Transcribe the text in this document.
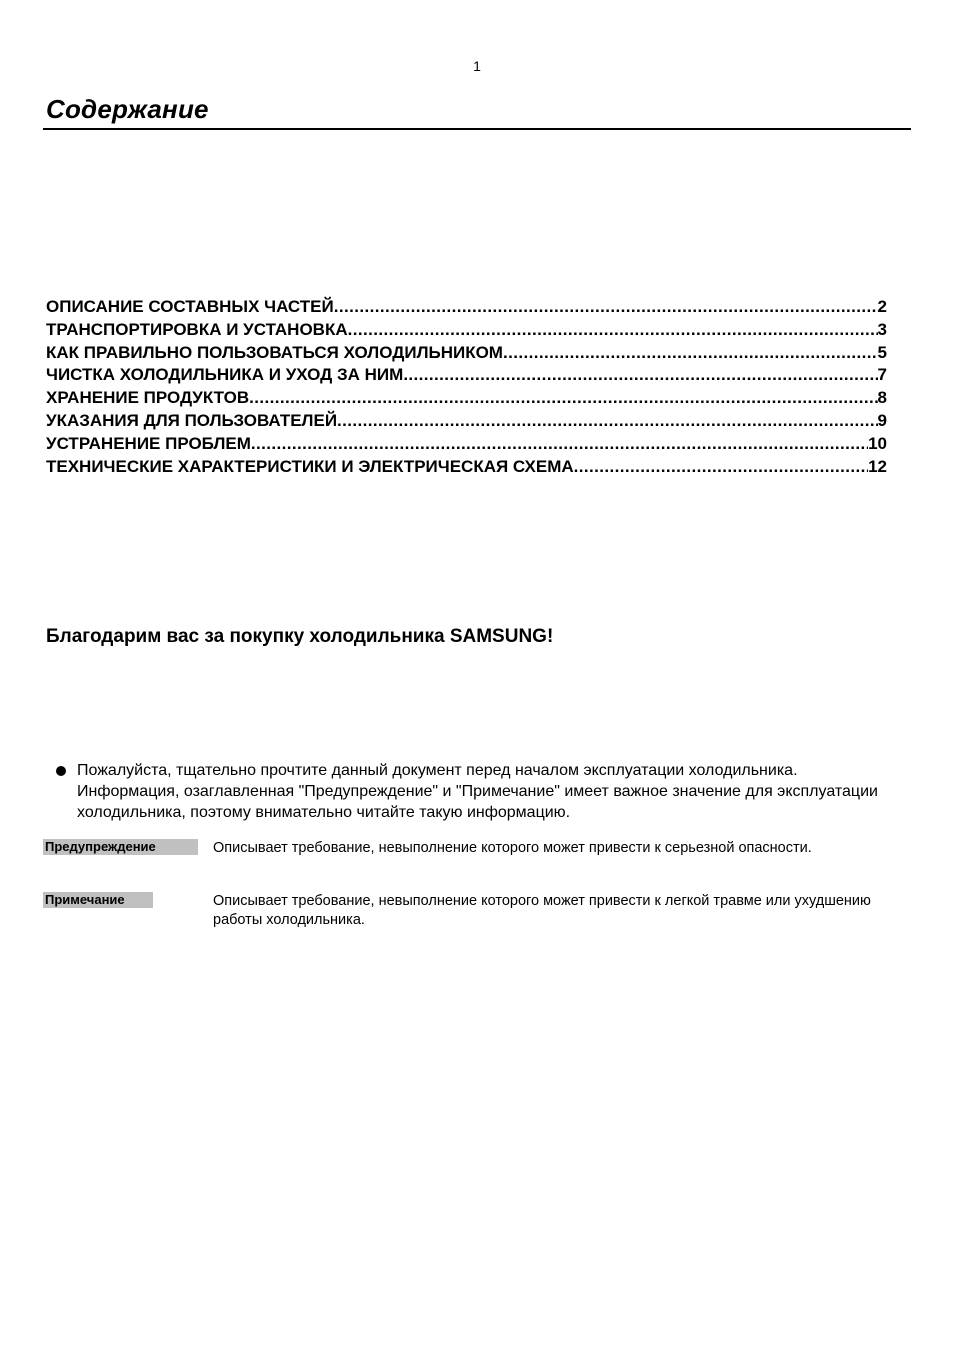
1
Содержание
ОПИСАНИЕ СОСТАВНЫХ ЧАСТЕЙ .....	2
ТРАНСПОРТИРОВКА И УСТАНОВКА .....	3
КАК ПРАВИЛЬНО ПОЛЬЗОВАТЬСЯ ХОЛОДИЛЬНИКОМ .....	5
ЧИСТКА ХОЛОДИЛЬНИКА И УХОД ЗА НИМ .....	7
ХРАНЕНИЕ ПРОДУКТОВ .....	8
УКАЗАНИЯ ДЛЯ ПОЛЬЗОВАТЕЛЕЙ .....	9
УСТРАНЕНИЕ ПРОБЛЕМ .....	10
ТЕХНИЧЕСКИЕ ХАРАКТЕРИСТИКИ И ЭЛЕКТРИЧЕСКАЯ СХЕМА .....	12
Благодарим вас за покупку холодильника SAMSUNG!
Пожалуйста, тщательно прочтите данный документ перед началом эксплуатации холодильника. Информация, озаглавленная "Предупреждение" и "Примечание" имеет важное значение для эксплуатации холодильника, поэтому внимательно читайте такую информацию.
Предупреждение	Описывает требование, невыполнение которого может привести к серьезной опасности.
Примечание	Описывает требование, невыполнение которого может привести к легкой травме или ухудшению работы холодильника.
